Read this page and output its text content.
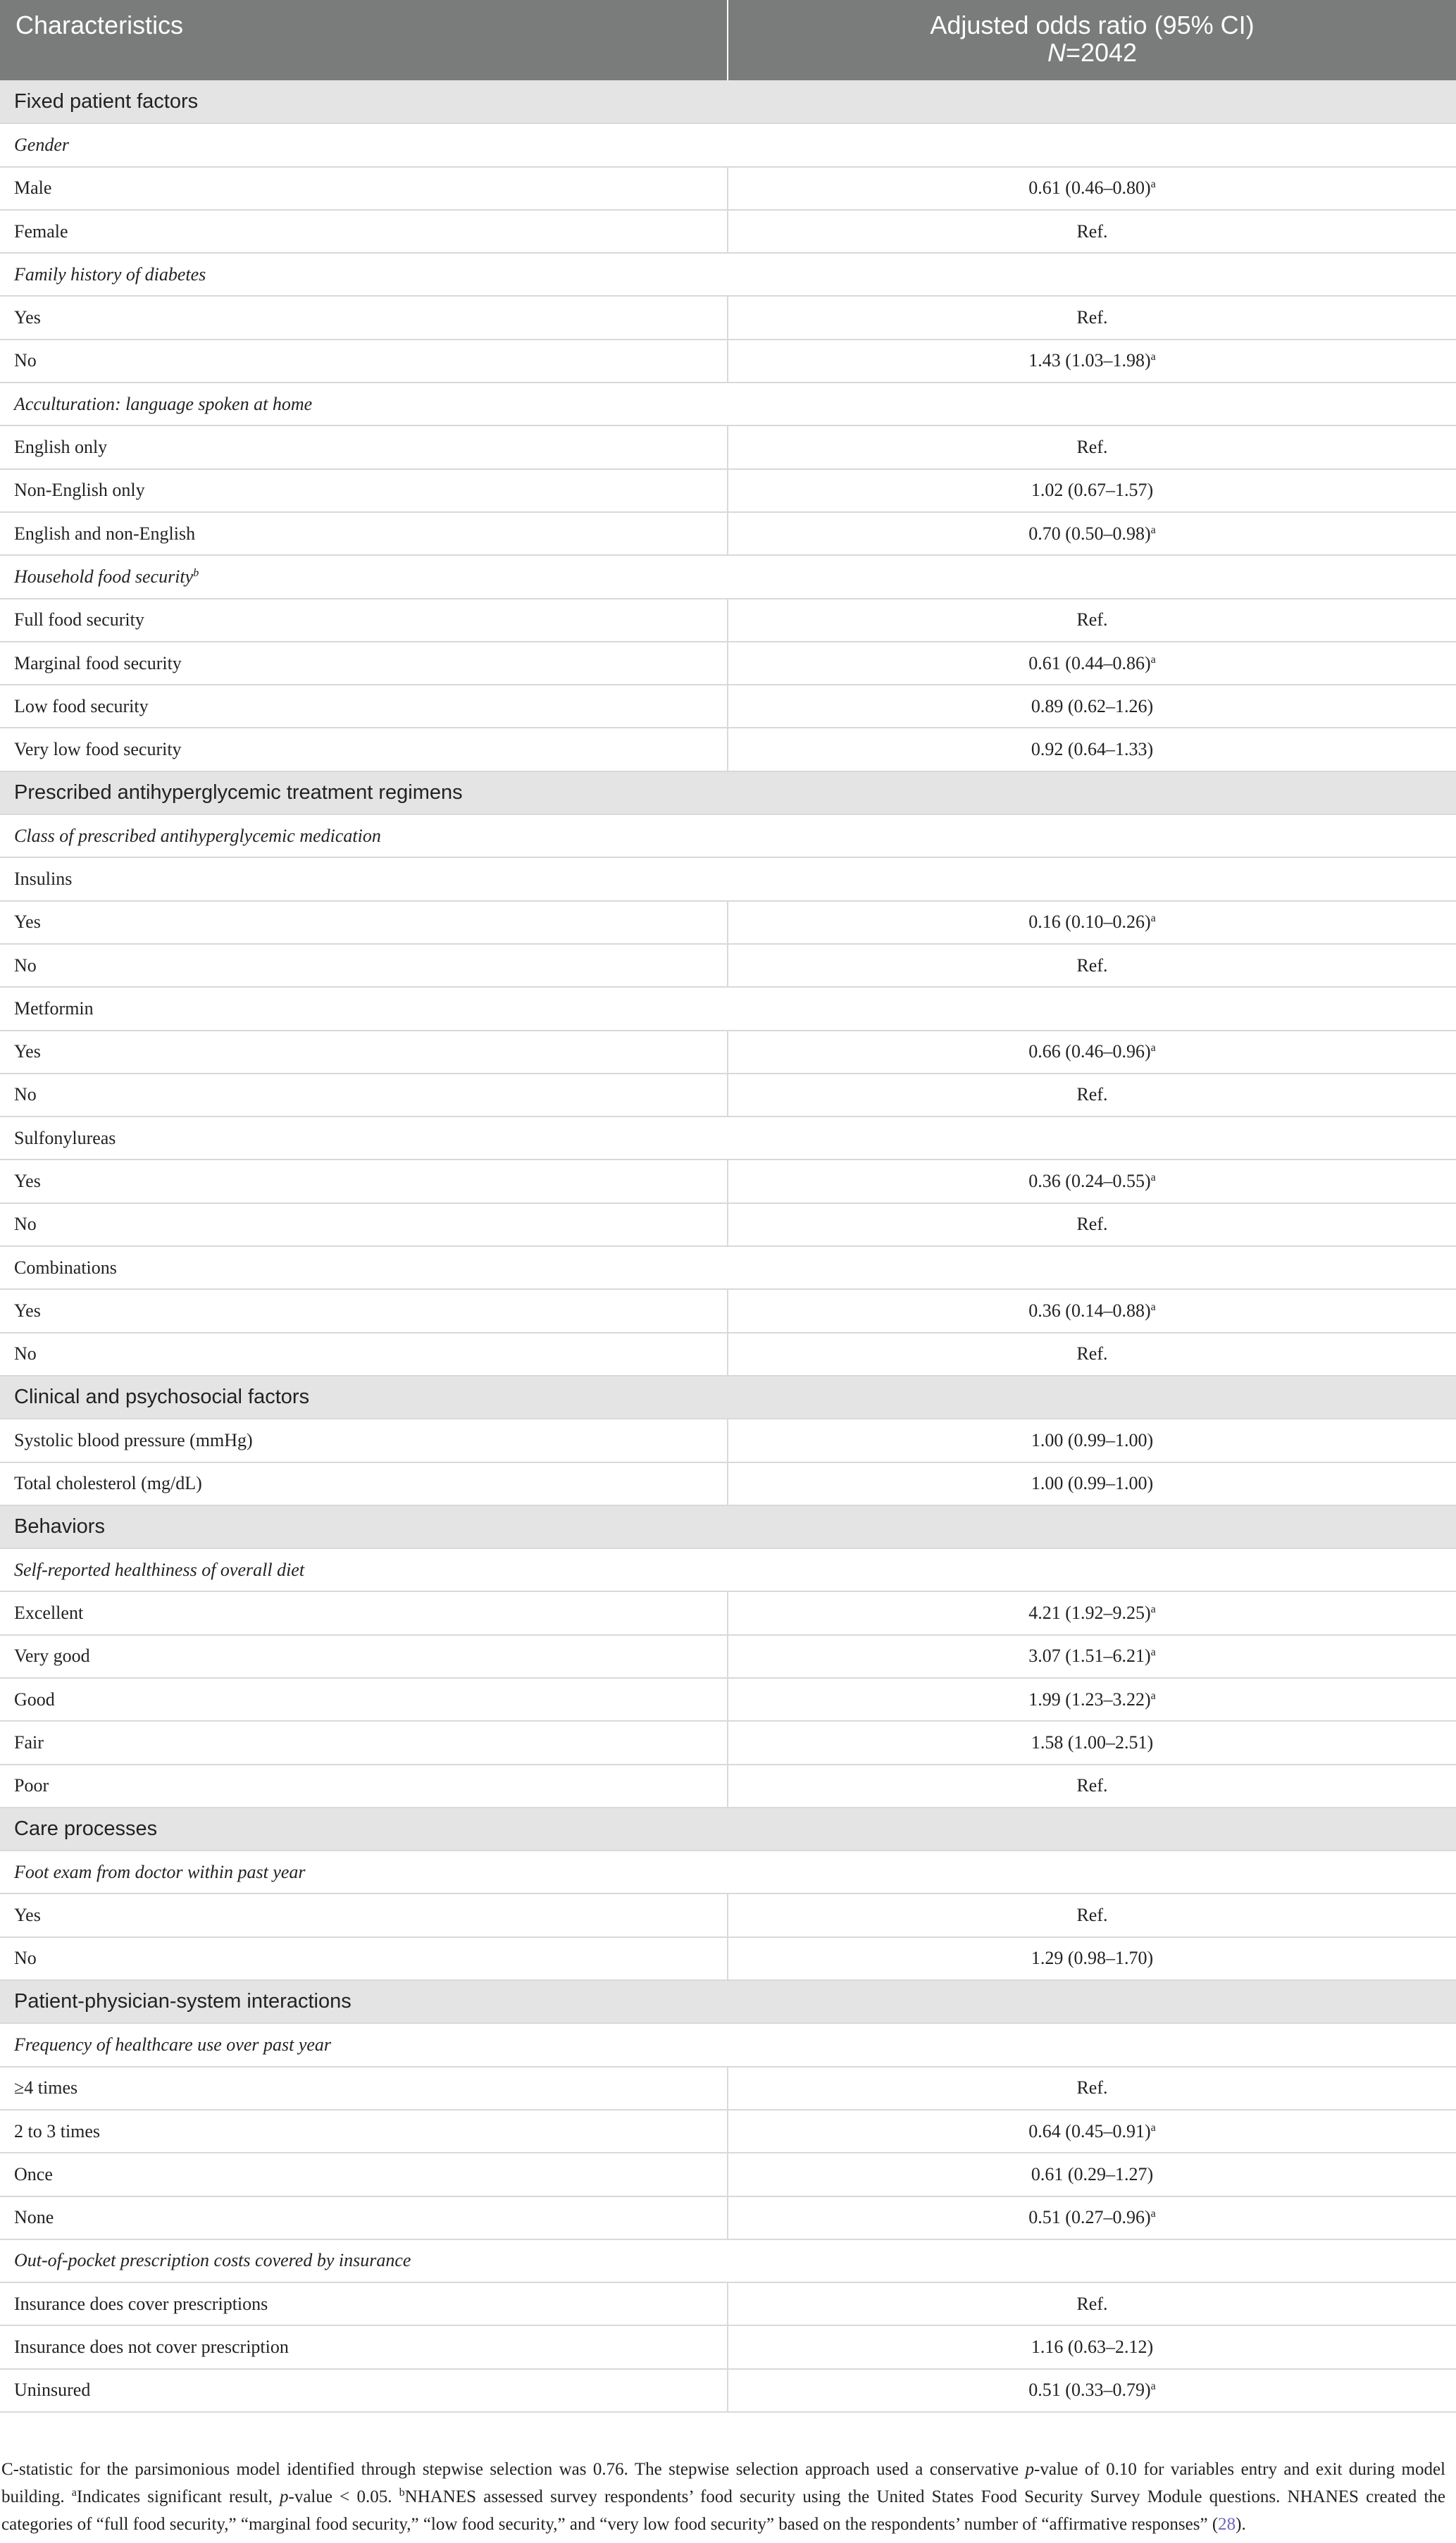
Characteristics	Adjusted odds ratio (95% CI)
N=2042
Fixed patient factors	
Gender	
Male	0.61 $(0.46-0.80)^a$
Female	Ref.
Family history of diabetes	
Yes	Ref.
No	1.43 $(1.03-1.98)^a$
Acculturation: language spoken at home	
English only	Ref.
Non-English only	1.02 (0.67–1.57)
English and non-English	0.70 $(0.50-0.98)^a$
Household food security$^b$
Full food security	Ref.
Marginal food security	0.61 $(0.44-0.86)^a$
Low food security	0.89 (0.62–1.26)
Very low food security	0.92 (0.64–1.33)
Prescribed antihyperglycemic treatment regimens	
Class of prescribed antihyperglycemic medication	
Insulins	
Yes	0.16 $(0.10-0.26)^a$
No	Ref.
Metformin	
Yes	0.66 $(0.46-0.96)^a$
No	Ref.
Sulfonylureas	
Yes	0.36 $(0.24-0.55)^a$
No	Ref.
Combinations	
Yes	0.36 $(0.14-0.88)^a$
No	Ref.
Clinical and psychosocial factors	
Systolic blood pressure (mmHg)	1.00 (0.99–1.00)
Total cholesterol (mg/dL)	1.00 (0.99–1.00)
Behaviors	
Self-reported healthiness of overall diet	
Excellent	4.21 $(1.92-9.25)^a$
Very good	3.07 $(1.51-6.21)^a$
Good	1.99 $(1.23-3.22)^a$
Fair	1.58 (1.00–2.51)
Poor	Ref.
Care processes	
Foot exam from doctor within past year	
Yes	Ref.
No	1.29 (0.98–1.70)
Patient-physician-system interactions	
Frequency of healthcare use over past year	
≥4 times	Ref.
2 to 3 times	0.64 $(0.45-0.91)^a$
Once	0.61 (0.29–1.27)
None	0.51 $(0.27-0.96)^a$
Out-of-pocket prescription costs covered by insurance	
Insurance does cover prescriptions	Ref.
Insurance does not cover prescription	1.16 (0.63–2.12)
Uninsured	0.51 $(0.33-0.79)^a$
C-statistic for the parsimonious model identified through stepwise selection was 0.76. The stepwise selection approach used a conservative p-value of 0.10 for variables entry and exit during model building. $^a$Indicates significant result, p-value < 0.05. $^b$NHANES assessed survey respondents’ food security using the United States Food Security Survey Module questions. NHANES created the categories of “full food security,” “marginal food security,” “low food security,” and “very low food security” based on the respondents’ number of “affirmative responses” (28).
